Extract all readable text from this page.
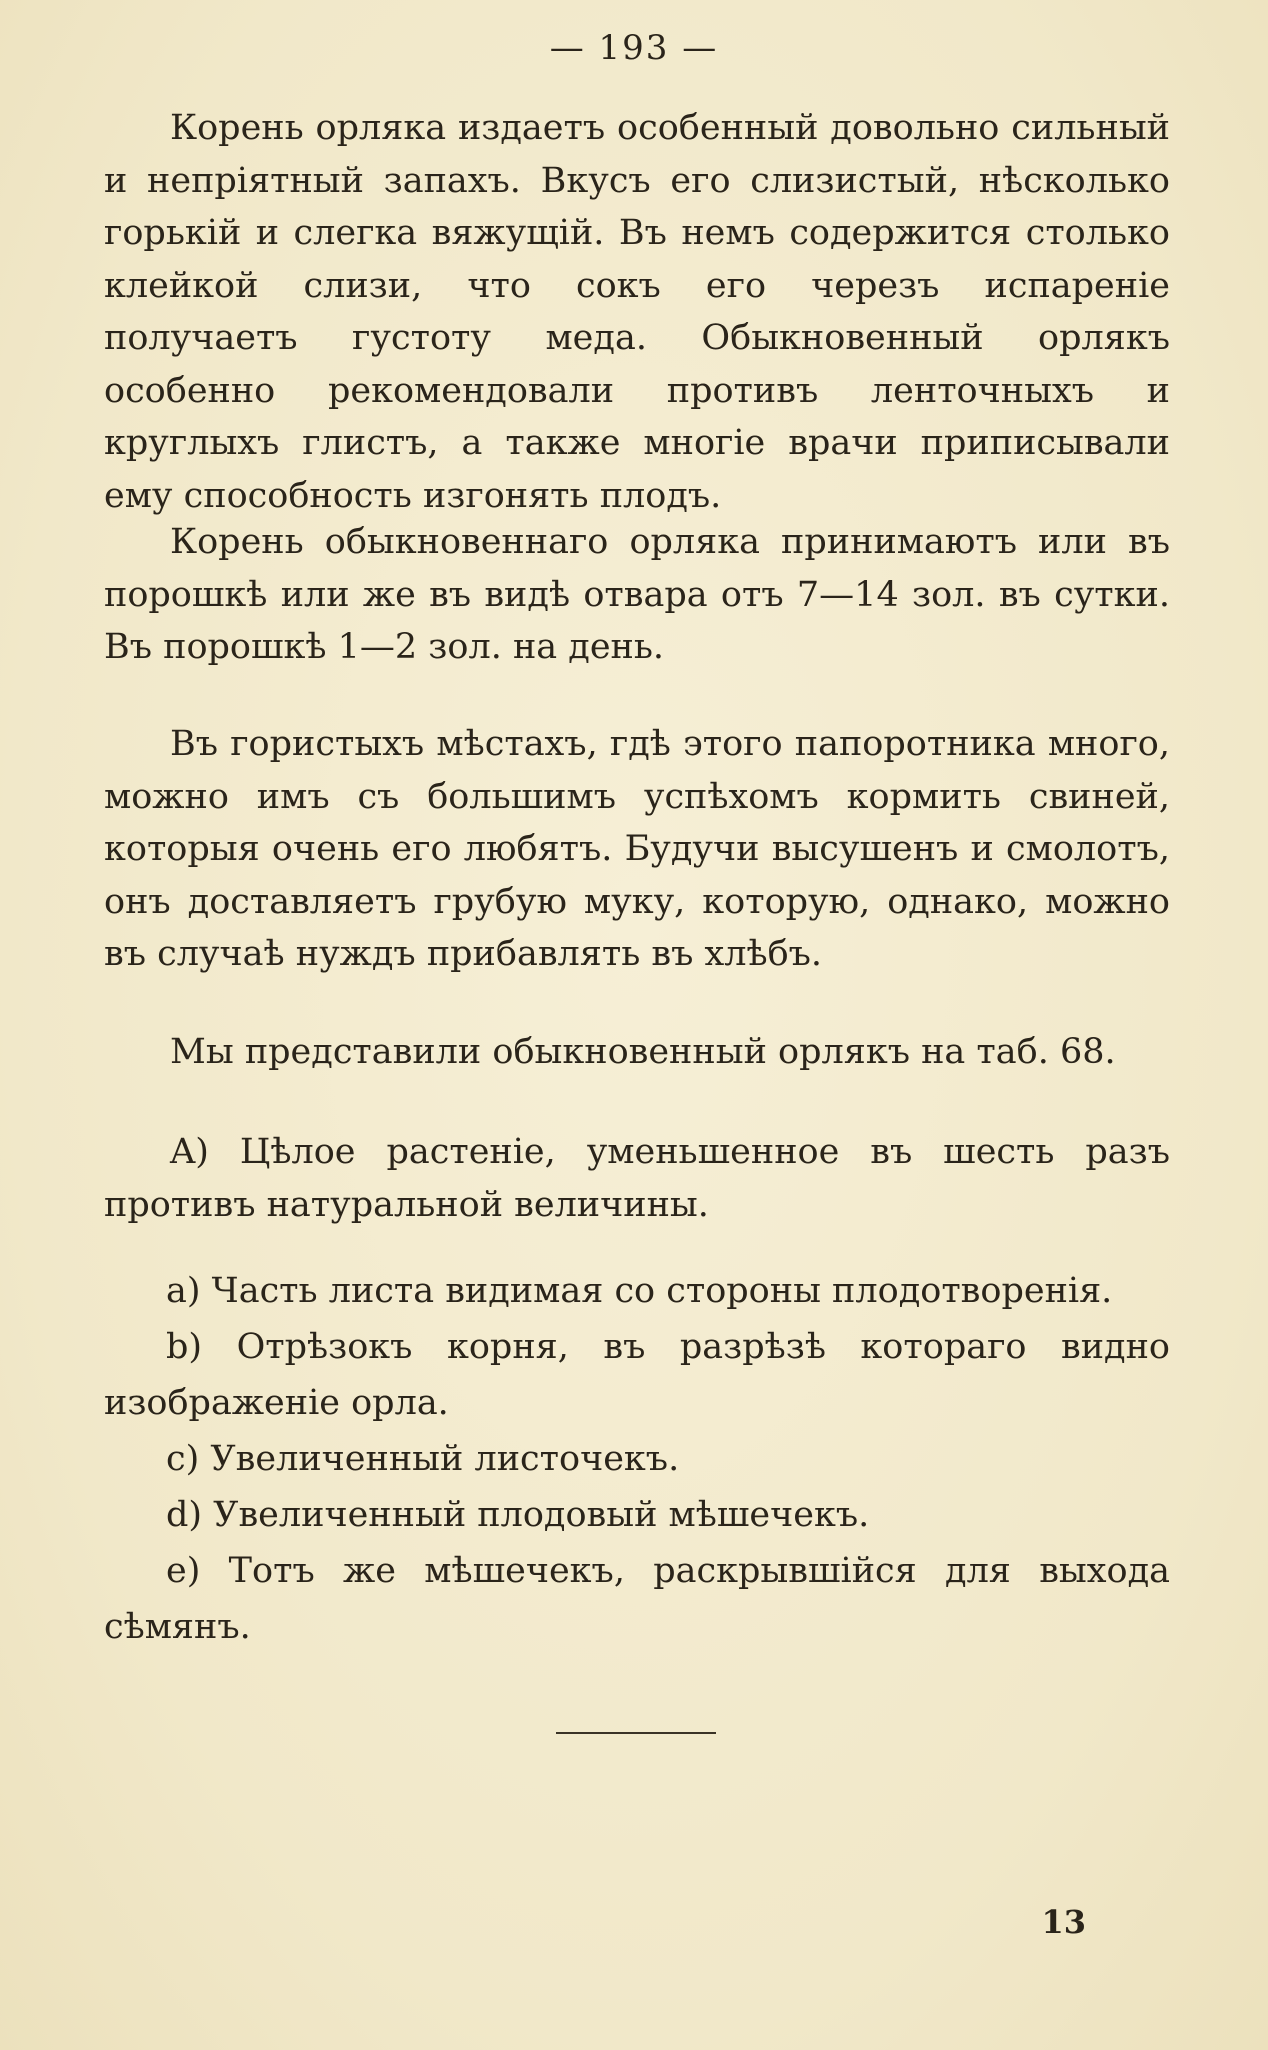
— 193 —

Корень орляка издаетъ особенный довольно сильный и непріятный запахъ. Вкусъ его слизистый, нѣсколько горькій и слегка вяжущій. Въ немъ содержится столько клейкой слизи, что сокъ его черезъ испареніе получаетъ густоту меда. Обыкновенный орлякъ особенно рекомендовали противъ ленточныхъ и круглыхъ глистъ, а также многіе врачи приписывали ему способность изгонять плодъ.

Корень обыкновеннаго орляка принимаютъ или въ порошкѣ или же въ видѣ отвара отъ 7—14 зол. въ сутки. Въ порошкѣ 1—2 зол. на день.

Въ гористыхъ мѣстахъ, гдѣ этого папоротника много, можно имъ съ большимъ успѣхомъ кормить свиней, которыя очень его любятъ. Будучи высушенъ и смолотъ, онъ доставляетъ грубую муку, которую, однако, можно въ случаѣ нуждъ прибавлять въ хлѣбъ.

Мы представили обыкновенный орлякъ на таб. 68.

A) Цѣлое растеніе, уменьшенное въ шесть разъ противъ натуральной величины.

a) Часть листа видимая со стороны плодотворенія.

b) Отрѣзокъ корня, въ разрѣзѣ котораго видно изображеніе орла.

c) Увеличенный листочекъ.

d) Увеличенный плодовый мѣшечекъ.

e) Тотъ же мѣшечекъ, раскрывшійся для выхода сѣмянъ.

13
